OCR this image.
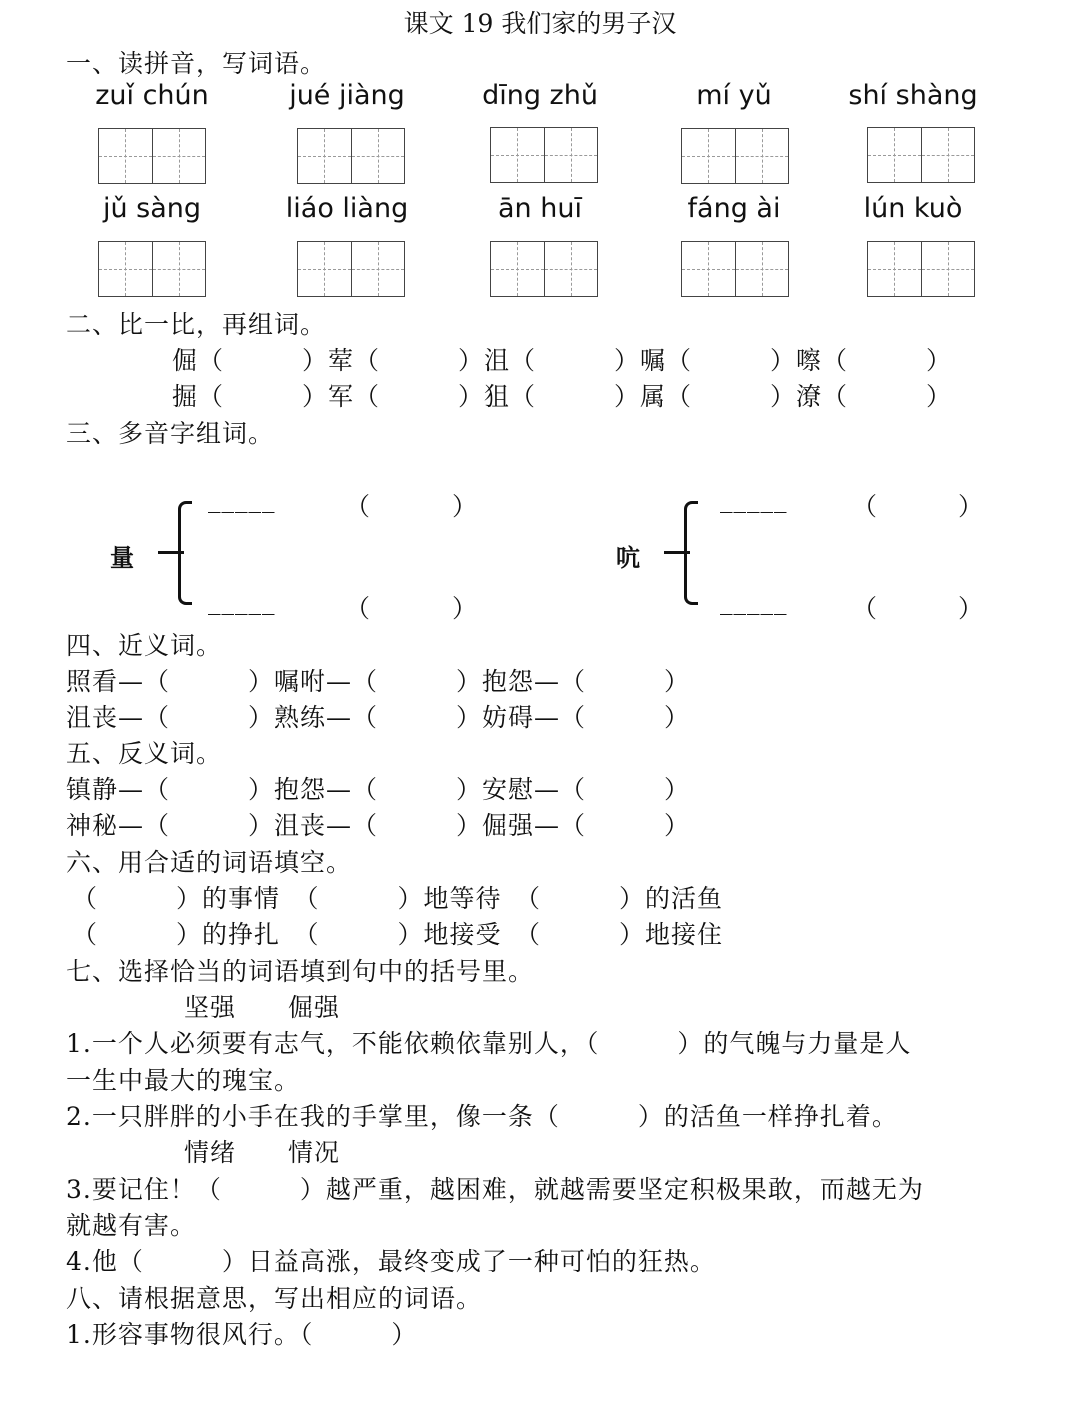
课文 19 我们家的男子汉
一、读拼音，写词语。
zuǐ chún	jué jiàng	dīng zhǔ	mí yǔ	shí shàng
jǔ sàng	liáo liàng	ān huī	fáng ài	lún kuò
二、比一比，再组词。
倔（　　　）荤（　　　）沮（　　　）嘱（　　　）嚓（　　　）
掘（　　　）军（　　　）狙（　　　）属（　　　）潦（　　　）
三、多音字组词。
量
_____	（	）
_____	（	）
吭
_____	（	）
_____	（	）
四、近义词。
照看—（　　　）嘱咐—（　　　）抱怨—（　　　）
沮丧—（　　　）熟练—（　　　）妨碍—（　　　）
五、反义词。
镇静—（　　　）抱怨—（　　　）安慰—（　　　）
神秘—（　　　）沮丧—（　　　）倔强—（　　　）
六、用合适的词语填空。
（　　　）的事情　（　　　）地等待　（　　　）的活鱼
（　　　）的挣扎　（　　　）地接受　（　　　）地接住
七、选择恰当的词语填到句中的括号里。
坚强　　倔强
1.一个人必须要有志气，不能依赖依靠别人，（　　　）的气魄与力量是人
一生中最大的瑰宝。
2.一只胖胖的小手在我的手掌里，像一条（　　　）的活鱼一样挣扎着。
情绪　　情况
3.要记住！（　　　）越严重，越困难，就越需要坚定积极果敢，而越无为
就越有害。
4.他（　　　）日益高涨，最终变成了一种可怕的狂热。
八、请根据意思，写出相应的词语。
1.形容事物很风行。（　　　）
